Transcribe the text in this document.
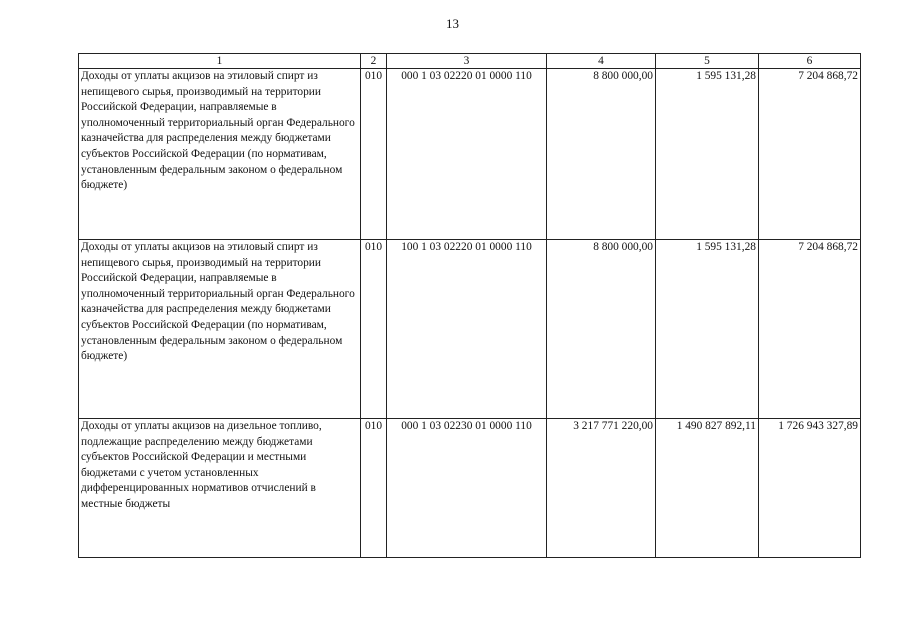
13
1	2	3	4	5	6
Доходы от уплаты акцизов на этиловый спирт из непищевого сырья, производимый на территории Российской Федерации, направляемые в уполномоченный территориальный орган Федерального казначейства для распределения между бюджетами субъектов Российской Федерации (по нормативам, установленным федеральным законом о федеральном бюджете)	010	000 1 03 02220 01 0000 110	8 800 000,00	1 595 131,28	7 204 868,72
Доходы от уплаты акцизов на этиловый спирт из непищевого сырья, производимый на территории Российской Федерации, направляемые в уполномоченный территориальный орган Федерального казначейства для распределения между бюджетами субъектов Российской Федерации (по нормативам, установленным федеральным законом о федеральном бюджете)	010	100 1 03 02220 01 0000 110	8 800 000,00	1 595 131,28	7 204 868,72
Доходы от уплаты акцизов на дизельное топливо, подлежащие распределению между бюджетами субъектов Российской Федерации и местными бюджетами с учетом установленных дифференцированных нормативов отчислений в местные бюджеты	010	000 1 03 02230 01 0000 110	3 217 771 220,00	1 490 827 892,11	1 726 943 327,89
